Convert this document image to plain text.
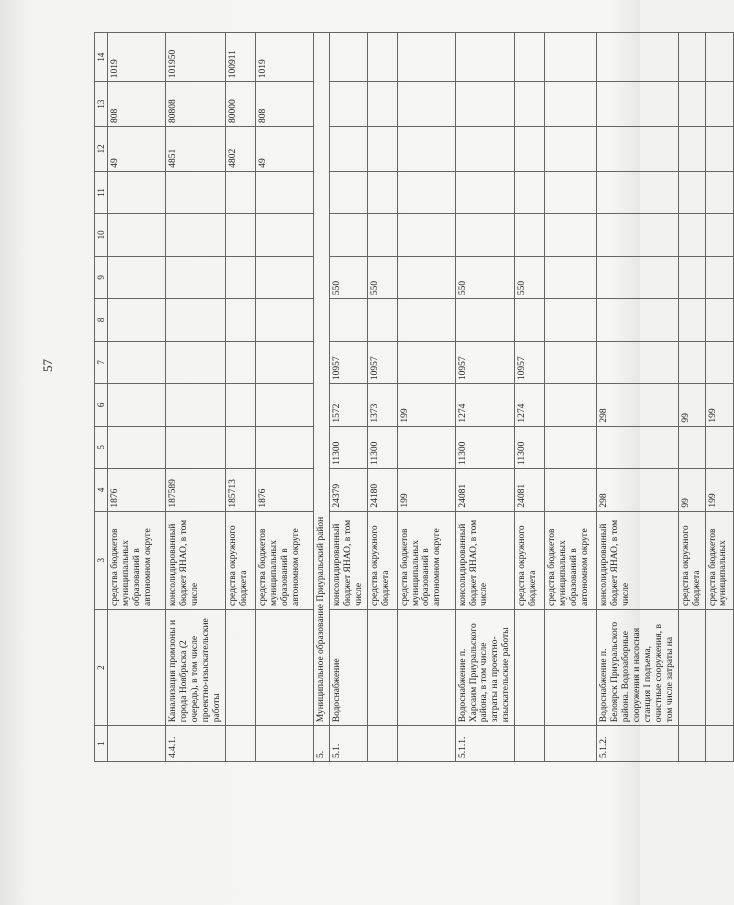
57
1	2	3	4	5	6	7	8	9	10	11	12	13	14
		средства бюджетов муниципальных образований в автономном округе	1876								49	808	1019
4.4.1.	Канализация промзоны и города Ноябрьска (2 очередь), в том числе проектно-изыскательские работы	консолидированный бюджет ЯНАО, в том числе	187589								4851	80808	101950
		средства окружного бюджета	185713								4802	80000	100911
		средства бюджетов муниципальных образований в автономном округе	1876								49	808	1019
5.	Муниципальное образование Приуральский район												
5.1.	Водоснабжение	консолидированный бюджет ЯНАО, в том числе	24379	11300	1572	10957		550					
		средства окружного бюджета	24180	11300	1373	10957		550					
		средства бюджетов муниципальных образований в автономном округе	199		199								
5.1.1.	Водоснабжение п. Харсаим Приуральского района, в том числе затраты на проектно-изыскательские работы	консолидированный бюджет ЯНАО, в том числе	24081	11300	1274	10957		550					
		средства окружного бюджета	24081	11300	1274	10957		550					
		средства бюджетов муниципальных образований в автономном округе											
5.1.2.	Водоснабжение п. Белоярск Приуральского района. Водозаборные сооружения и насосная станция I подъема, очистные сооружения, в том числе затраты на	консолидированный бюджет ЯНАО, в том числе	298		298								
		средства окружного бюджета	99		99								
		средства бюджетов муниципальных	199		199								
